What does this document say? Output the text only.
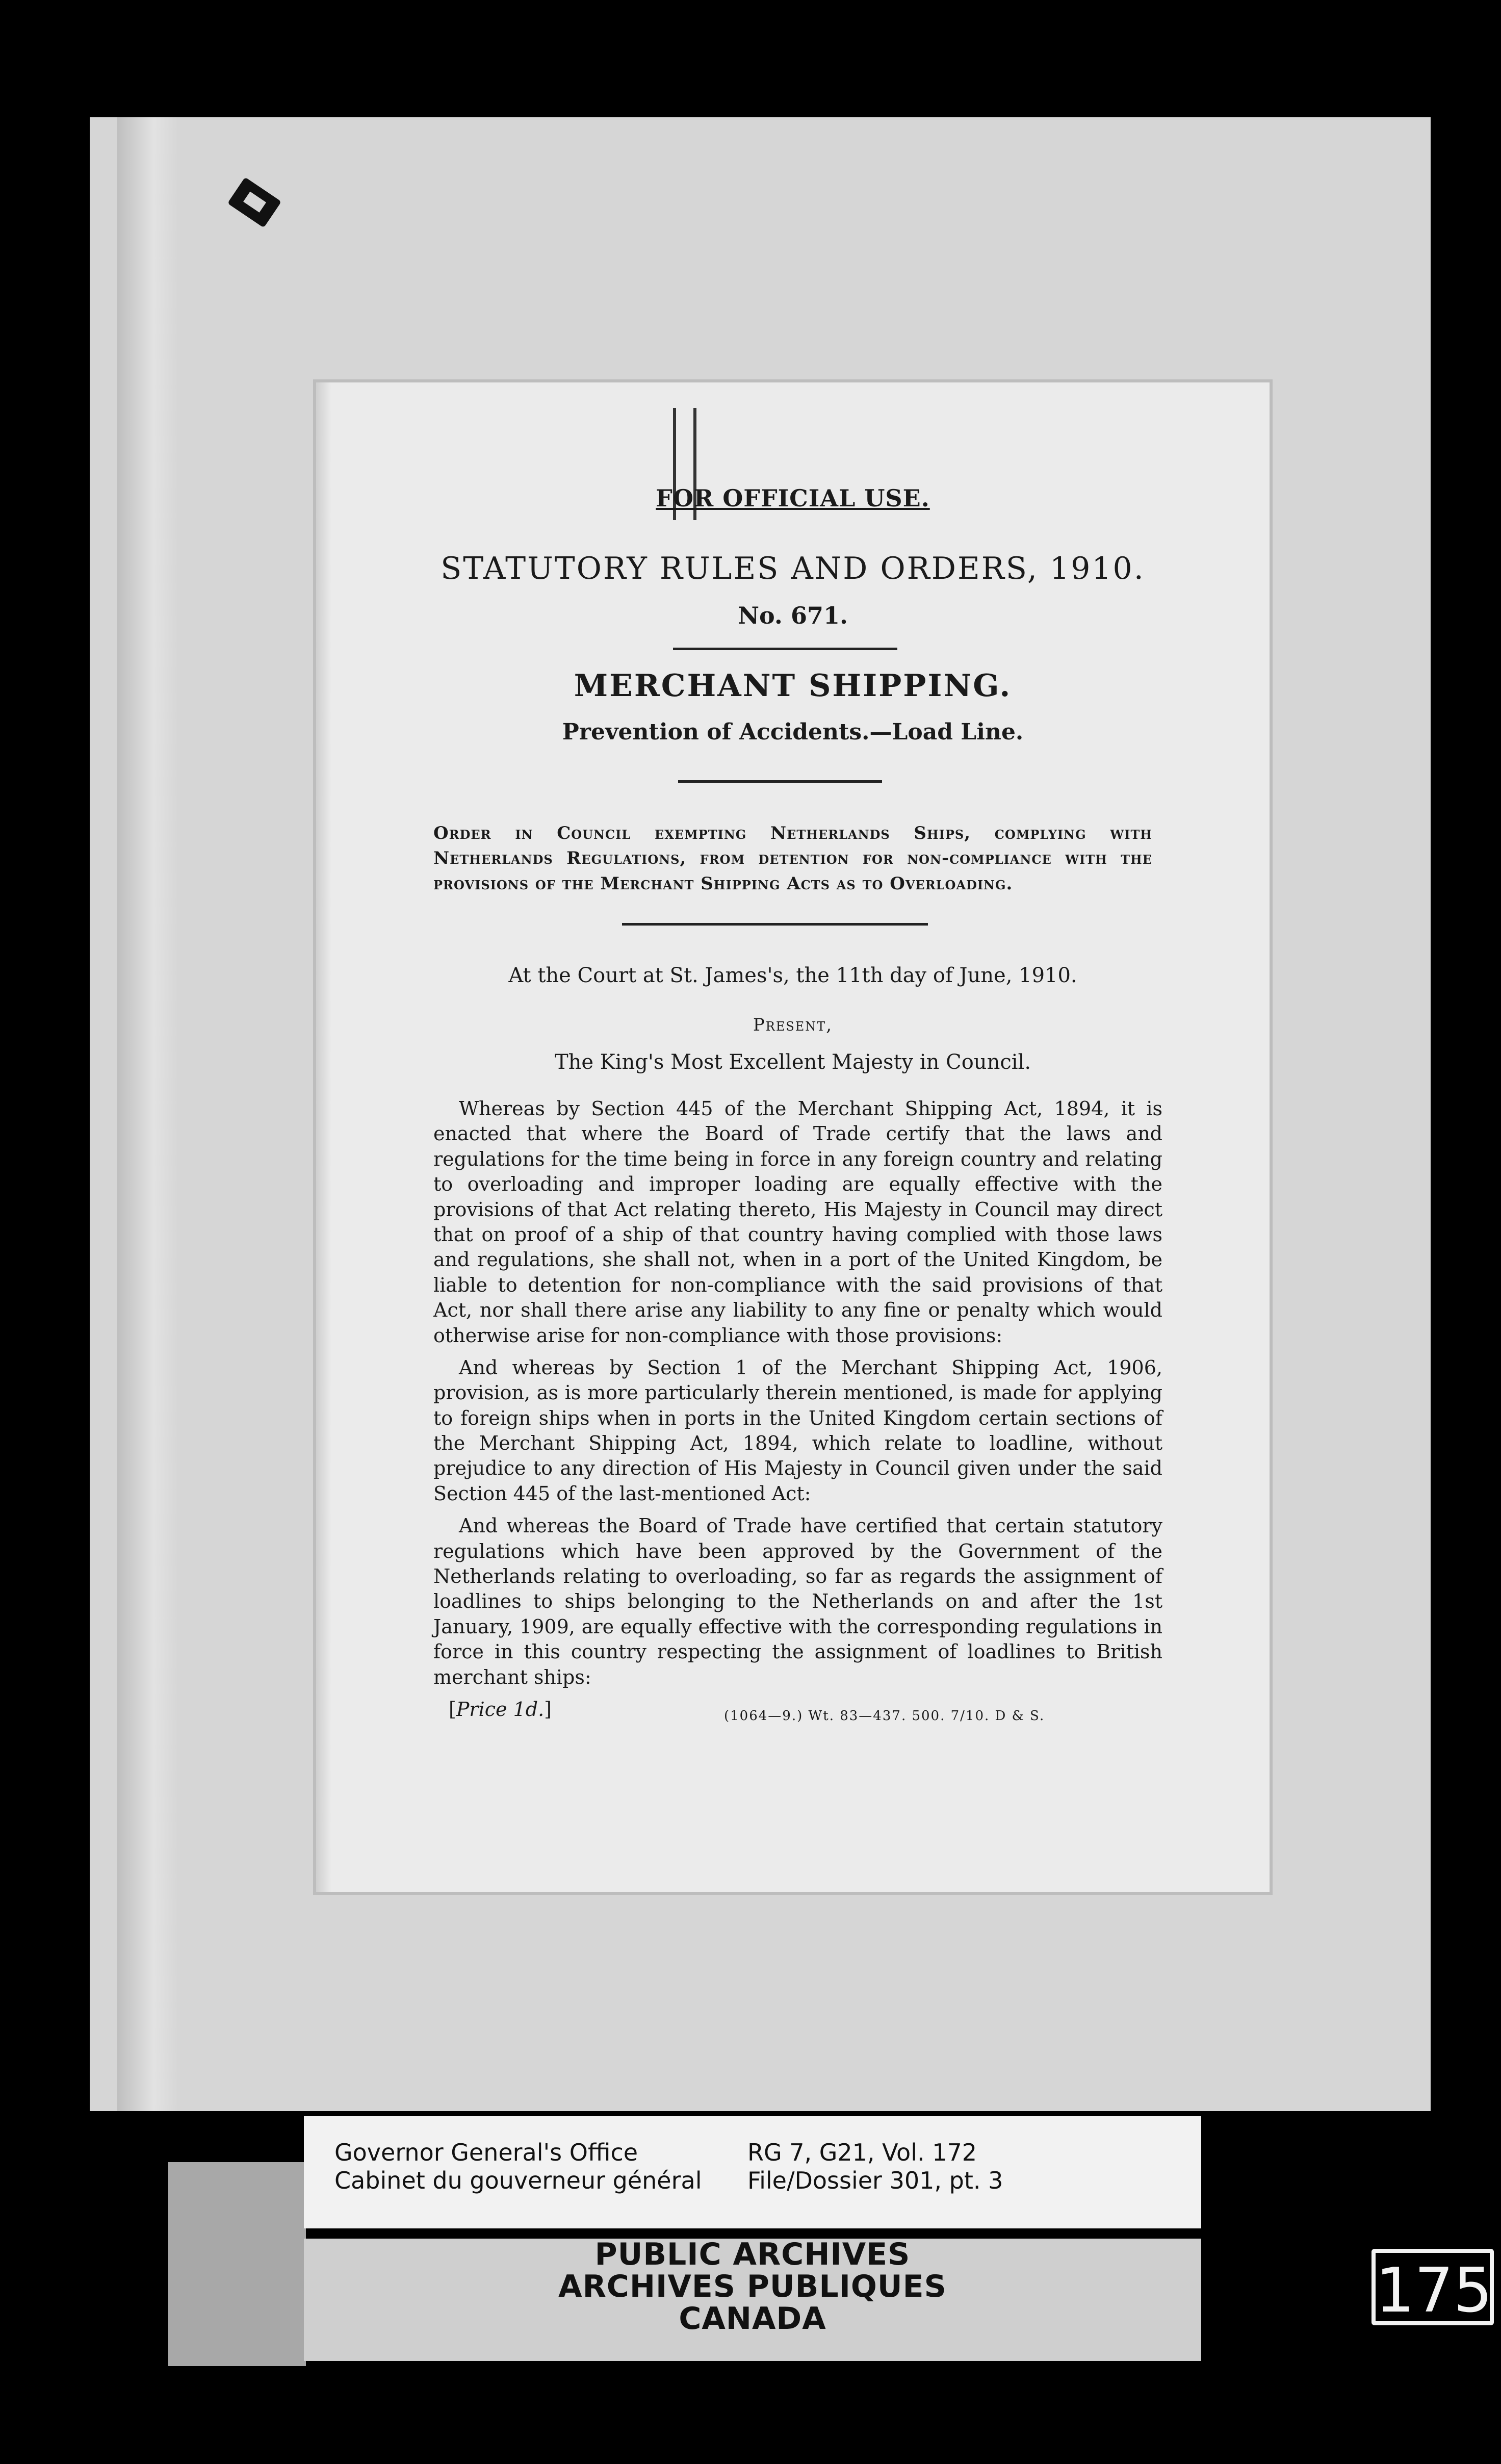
FOR OFFICIAL USE.
STATUTORY RULES AND ORDERS, 1910.
No. 671.
MERCHANT SHIPPING.
Prevention of Accidents.—Load Line.
Order in Council exempting Netherlands Ships, complying with Netherlands Regulations, from detention for non-compliance with the provisions of the Merchant Shipping Acts as to Overloading.
At the Court at St. James's, the 11th day of June, 1910.
Present,
The King's Most Excellent Majesty in Council.

Whereas by Section 445 of the Merchant Shipping Act, 1894, it is enacted that where the Board of Trade certify that the laws and regulations for the time being in force in any foreign country and relating to overloading and improper loading are equally effective with the provisions of that Act relating thereto, His Majesty in Council may direct that on proof of a ship of that country having complied with those laws and regulations, she shall not, when in a port of the United Kingdom, be liable to detention for non-compliance with the said provisions of that Act, nor shall there arise any liability to any fine or penalty which would otherwise arise for non-compliance with those provisions:

And whereas by Section 1 of the Merchant Shipping Act, 1906, provision, as is more particularly therein mentioned, is made for applying to foreign ships when in ports in the United Kingdom certain sections of the Merchant Shipping Act, 1894, which relate to loadline, without prejudice to any direction of His Majesty in Council given under the said Section 445 of the last-mentioned Act:

And whereas the Board of Trade have certified that certain statutory regulations which have been approved by the Government of the Netherlands relating to overloading, so far as regards the assignment of loadlines to ships belonging to the Netherlands on and after the 1st January, 1909, are equally effective with the corresponding regulations in force in this country respecting the assignment of loadlines to British merchant ships:

[Price 1d.]	(1064—9.) Wt. 83—437. 500. 7/10. D & S.
Governor General's Office
Cabinet du gouverneur général
RG 7, G21, Vol. 172
File/Dossier 301, pt. 3
PUBLIC ARCHIVES
ARCHIVES PUBLIQUES
CANADA	175
